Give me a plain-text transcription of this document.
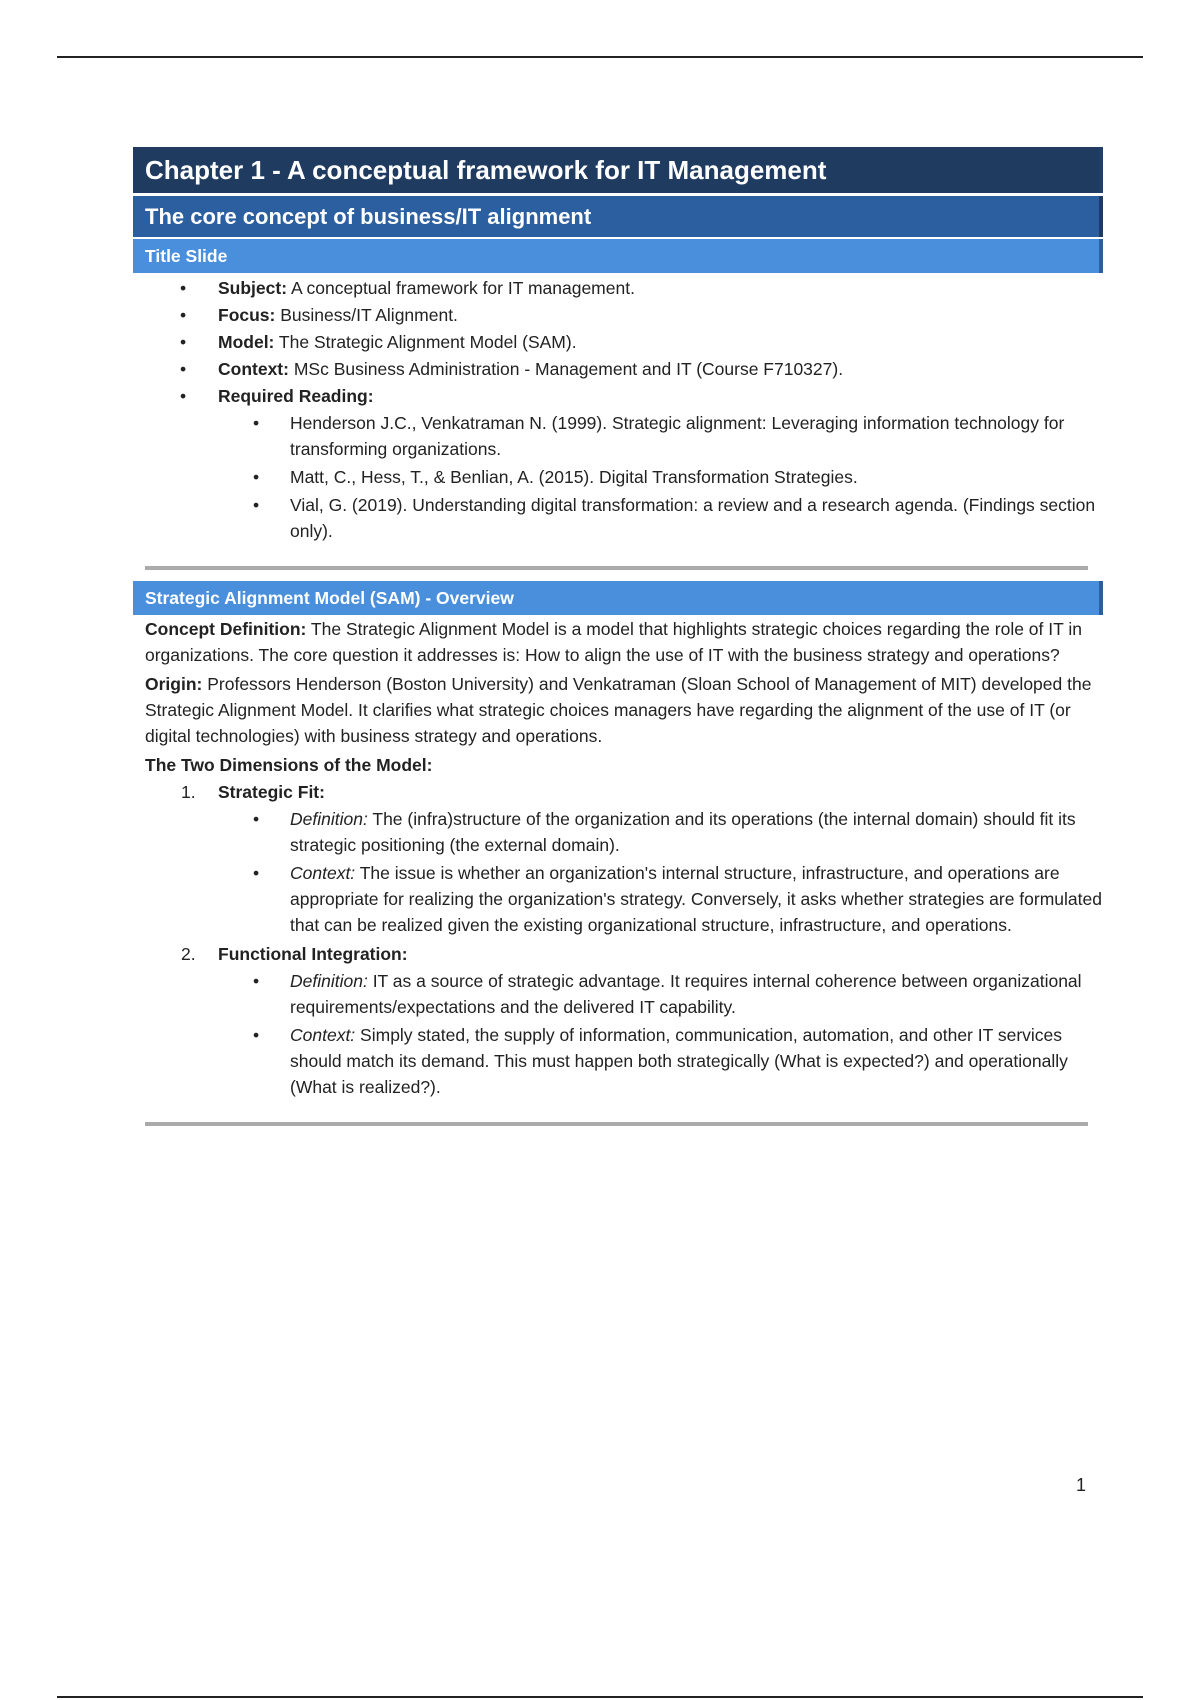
Chapter 1 - A conceptual framework for IT Management
The core concept of business/IT alignment
Title Slide
• Subject: A conceptual framework for IT management.
• Focus: Business/IT Alignment.
• Model: The Strategic Alignment Model (SAM).
• Context: MSc Business Administration - Management and IT (Course F710327).
• Required Reading:
• Henderson J.C., Venkatraman N. (1999). Strategic alignment: Leveraging information technology for transforming organizations.
• Matt, C., Hess, T., & Benlian, A. (2015). Digital Transformation Strategies.
• Vial, G. (2019). Understanding digital transformation: a review and a research agenda. (Findings section only).
Strategic Alignment Model (SAM) - Overview
Concept Definition: The Strategic Alignment Model is a model that highlights strategic choices regarding the role of IT in organizations. The core question it addresses is: How to align the use of IT with the business strategy and operations?
Origin: Professors Henderson (Boston University) and Venkatraman (Sloan School of Management of MIT) developed the Strategic Alignment Model. It clarifies what strategic choices managers have regarding the alignment of the use of IT (or digital technologies) with business strategy and operations.
The Two Dimensions of the Model:
1.	Strategic Fit:
• Definition: The (infra)structure of the organization and its operations (the internal domain) should fit its strategic positioning (the external domain).
• Context: The issue is whether an organization's internal structure, infrastructure, and operations are appropriate for realizing the organization's strategy. Conversely, it asks whether strategies are formulated that can be realized given the existing organizational structure, infrastructure, and operations.
2.	Functional Integration:
• Definition: IT as a source of strategic advantage. It requires internal coherence between organizational requirements/expectations and the delivered IT capability.
• Context: Simply stated, the supply of information, communication, automation, and other IT services should match its demand. This must happen both strategically (What is expected?) and operationally (What is realized?).
1
